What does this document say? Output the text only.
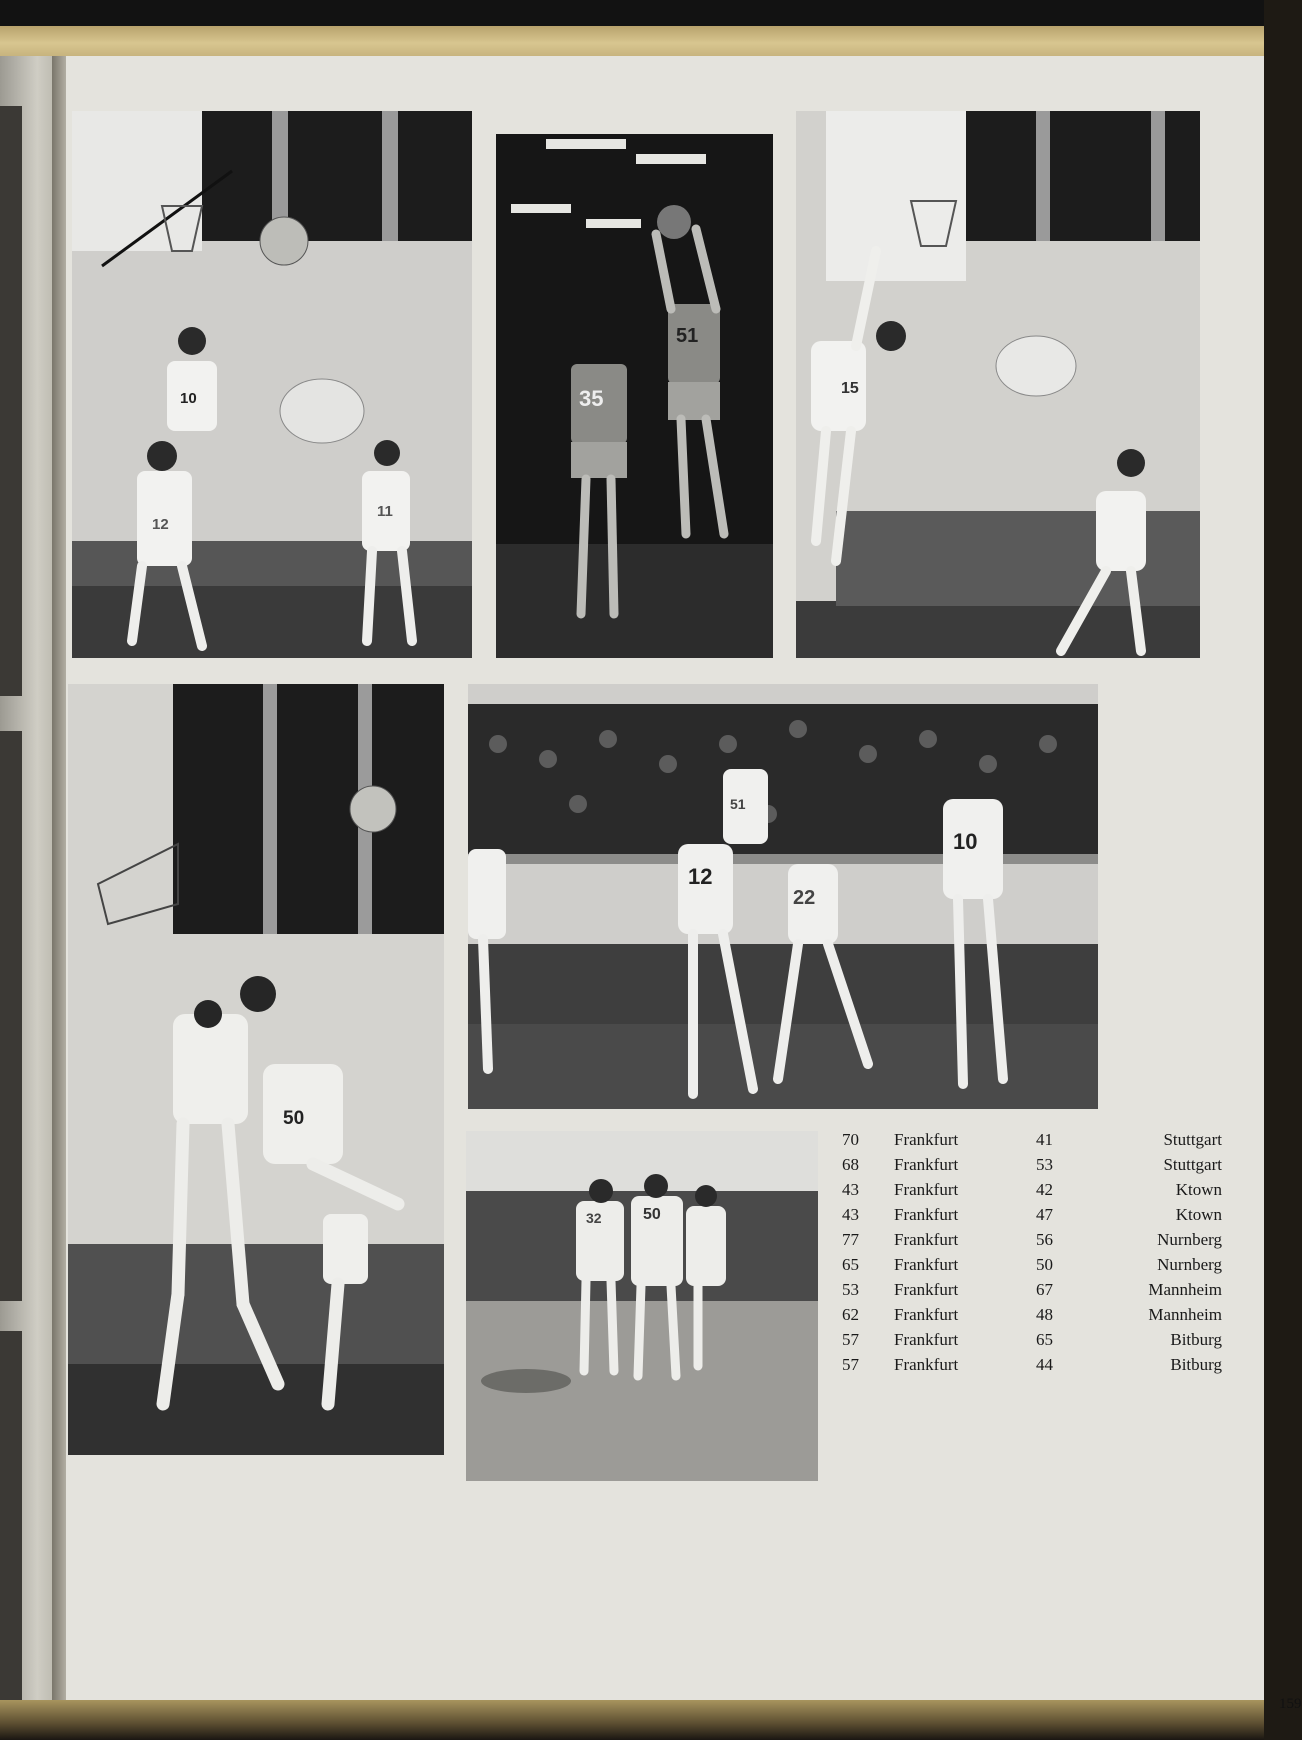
10
12
11
51
35	15
50
12
22
10
51
50
32
70 Frankfurt	41	Stuttgart
68 Frankfurt	53	Stuttgart
43 Frankfurt	42	Ktown
43 Frankfurt	47	Ktown
77 Frankfurt	56	Nurnberg
65 Frankfurt	50	Nurnberg
53 Frankfurt	67	Mannheim
62 Frankfurt	48	Mannheim
57 Frankfurt	65	Bitburg
57 Frankfurt	44	Bitburg
159
